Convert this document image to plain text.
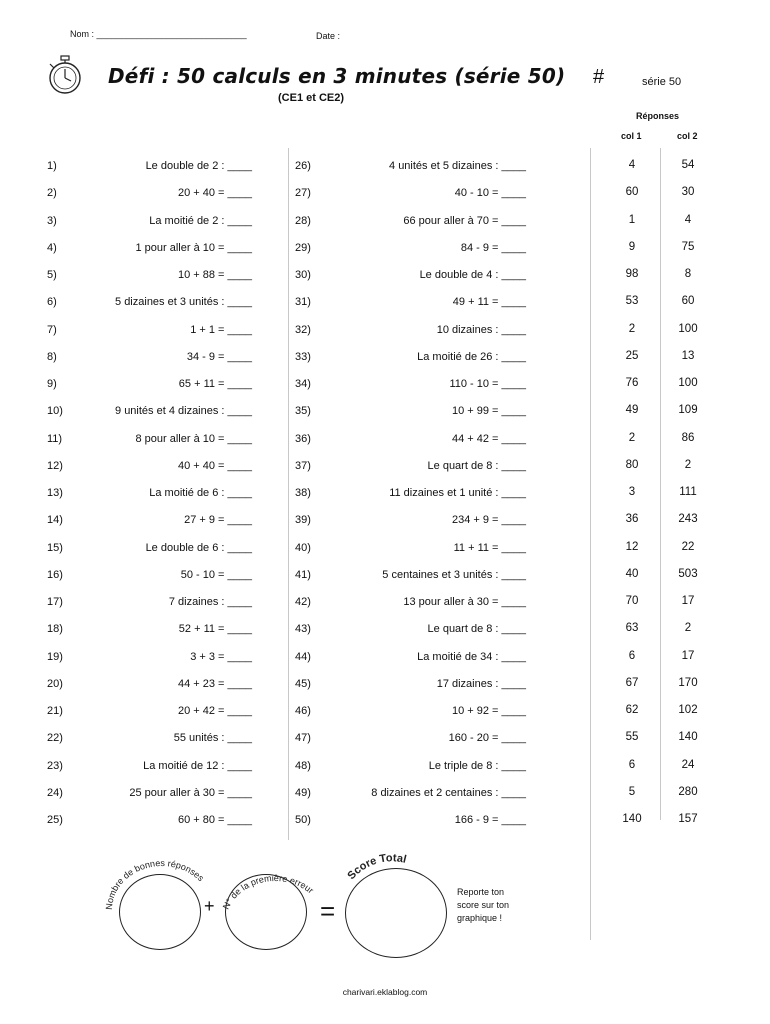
Nom : ______________________________	Date :
Défi : 50 calculs en 3 minutes (série 50)
(CE1 et CE2)
#	série 50
Réponses
col 1	col 2
1)	Le double de 2 : ____	26)	4 unités et 5 dizaines : ____	4	54
2)	20 + 40 = ____	27)	40 - 10 = ____	60	30
3)	La moitié de 2 : ____	28)	66 pour aller à 70 = ____	1	4
4)	1 pour aller à 10 = ____	29)	84 - 9 = ____	9	75
5)	10 + 88 = ____	30)	Le double de 4 : ____	98	8
6)	5 dizaines et 3 unités : ____	31)	49 + 11 = ____	53	60
7)	1 + 1 = ____	32)	10 dizaines : ____	2	100
8)	34 - 9 = ____	33)	La moitié de 26 : ____	25	13
9)	65 + 11 = ____	34)	110 - 10 = ____	76	100
10)	9 unités et 4 dizaines : ____	35)	10 + 99 = ____	49	109
11)	8 pour aller à 10 = ____	36)	44 + 42 = ____	2	86
12)	40 + 40 = ____	37)	Le quart de 8 : ____	80	2
13)	La moitié de 6 : ____	38)	11 dizaines et 1 unité : ____	3	111
14)	27 + 9 = ____	39)	234 + 9 = ____	36	243
15)	Le double de 6 : ____	40)	11 + 11 = ____	12	22
16)	50 - 10 = ____	41)	5 centaines et 3 unités : ____	40	503
17)	7 dizaines : ____	42)	13 pour aller à 30 = ____	70	17
18)	52 + 11 = ____	43)	Le quart de 8 : ____	63	2
19)	3 + 3 = ____	44)	La moitié de 34 : ____	6	17
20)	44 + 23 = ____	45)	17 dizaines : ____	67	170
21)	20 + 42 = ____	46)	10 + 92 = ____	62	102
22)	55 unités : ____	47)	160 - 20 = ____	55	140
23)	La moitié de 12 : ____	48)	Le triple de 8 : ____	6	24
24)	25 pour aller à 30 = ____	49)	8 dizaines et 2 centaines : ____	5	280
25)	60 + 80 = ____	50)	166 - 9 = ____	140	157
Nombre de bonnes réponses
N° de la première erreur
Score Total
+	=
Reporte ton
score sur ton
graphique !
charivari.eklablog.com
